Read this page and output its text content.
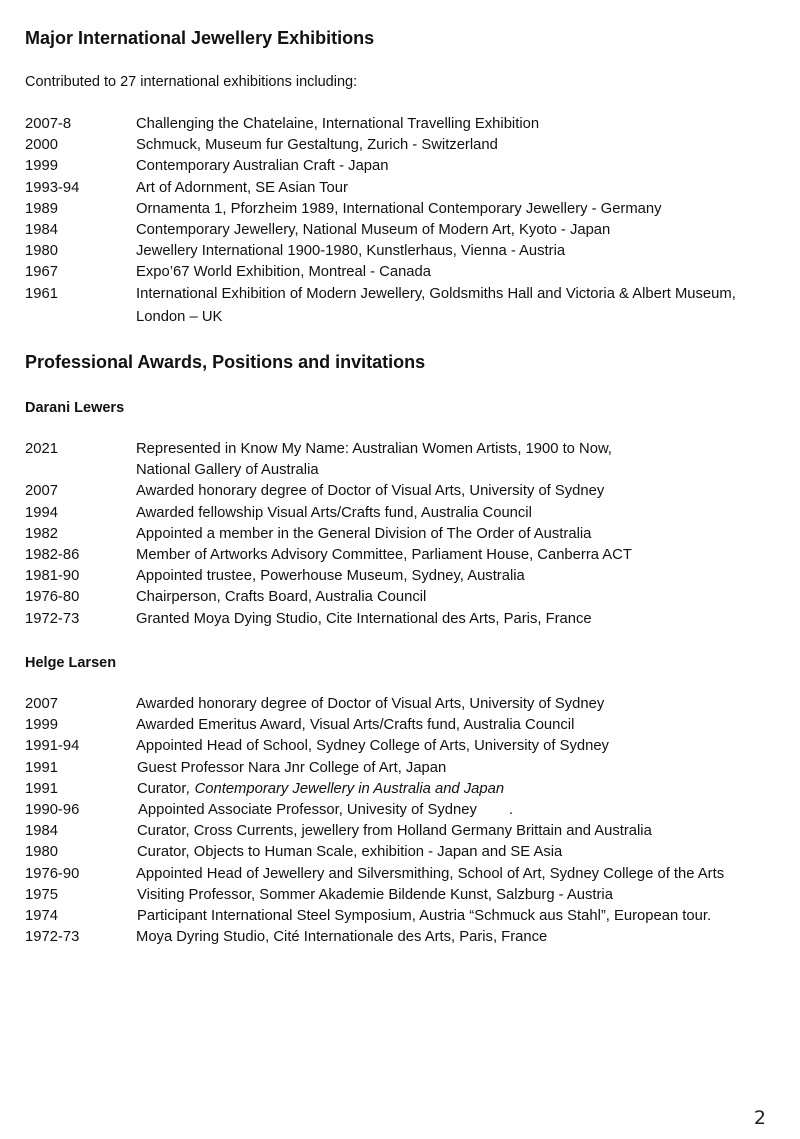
Major International Jewellery Exhibitions

Contributed to 27 international exhibitions including:

2007-8	Challenging the Chatelaine, International Travelling Exhibition
2000	Schmuck, Museum fur Gestaltung, Zurich - Switzerland
1999	Contemporary Australian Craft - Japan
1993-94	Art of Adornment, SE Asian Tour
1989	Ornamenta 1, Pforzheim 1989, International Contemporary Jewellery - Germany
1984	Contemporary Jewellery, National Museum of Modern Art, Kyoto - Japan
1980	Jewellery International 1900-1980, Kunstlerhaus, Vienna - Austria
1967	Expo’67 World Exhibition, Montreal - Canada
1961	International Exhibition of Modern Jewellery, Goldsmiths Hall and Victoria & Albert Museum,
London – UK
Professional Awards, Positions and invitations
Darani Lewers
2021	Represented in Know My Name: Australian Women Artists, 1900 to Now,
National Gallery of Australia
2007	Awarded honorary degree of Doctor of Visual Arts, University of Sydney
1994	Awarded fellowship Visual Arts/Crafts fund, Australia Council
1982	Appointed a member in the General Division of The Order of Australia
1982-86	Member of Artworks Advisory Committee, Parliament House, Canberra ACT
1981-90	Appointed trustee, Powerhouse Museum, Sydney, Australia
1976-80	Chairperson, Crafts Board, Australia Council
1972-73	Granted Moya Dying Studio, Cite International des Arts, Paris, France
Helge Larsen
2007	Awarded honorary degree of Doctor of Visual Arts, University of Sydney
1999	Awarded Emeritus Award, Visual Arts/Crafts fund, Australia Council
1991-94	Appointed Head of School, Sydney College of Arts, University of Sydney
1991	Guest Professor Nara Jnr College of Art, Japan
1991	Curator, Contemporary Jewellery in Australia and Japan
1990-96	Appointed Associate Professor, Univesity of Sydney .
1984	Curator, Cross Currents, jewellery from Holland Germany Brittain and Australia
1980	Curator, Objects to Human Scale, exhibition - Japan and SE Asia
1976-90	Appointed Head of Jewellery and Silversmithing, School of Art, Sydney College of the Arts
1975	Visiting Professor, Sommer Akademie Bildende Kunst, Salzburg - Austria
1974	Participant International Steel Symposium, Austria “Schmuck aus Stahl”, European tour.
1972-73	Moya Dyring Studio, Cité Internationale des Arts, Paris, France
2
